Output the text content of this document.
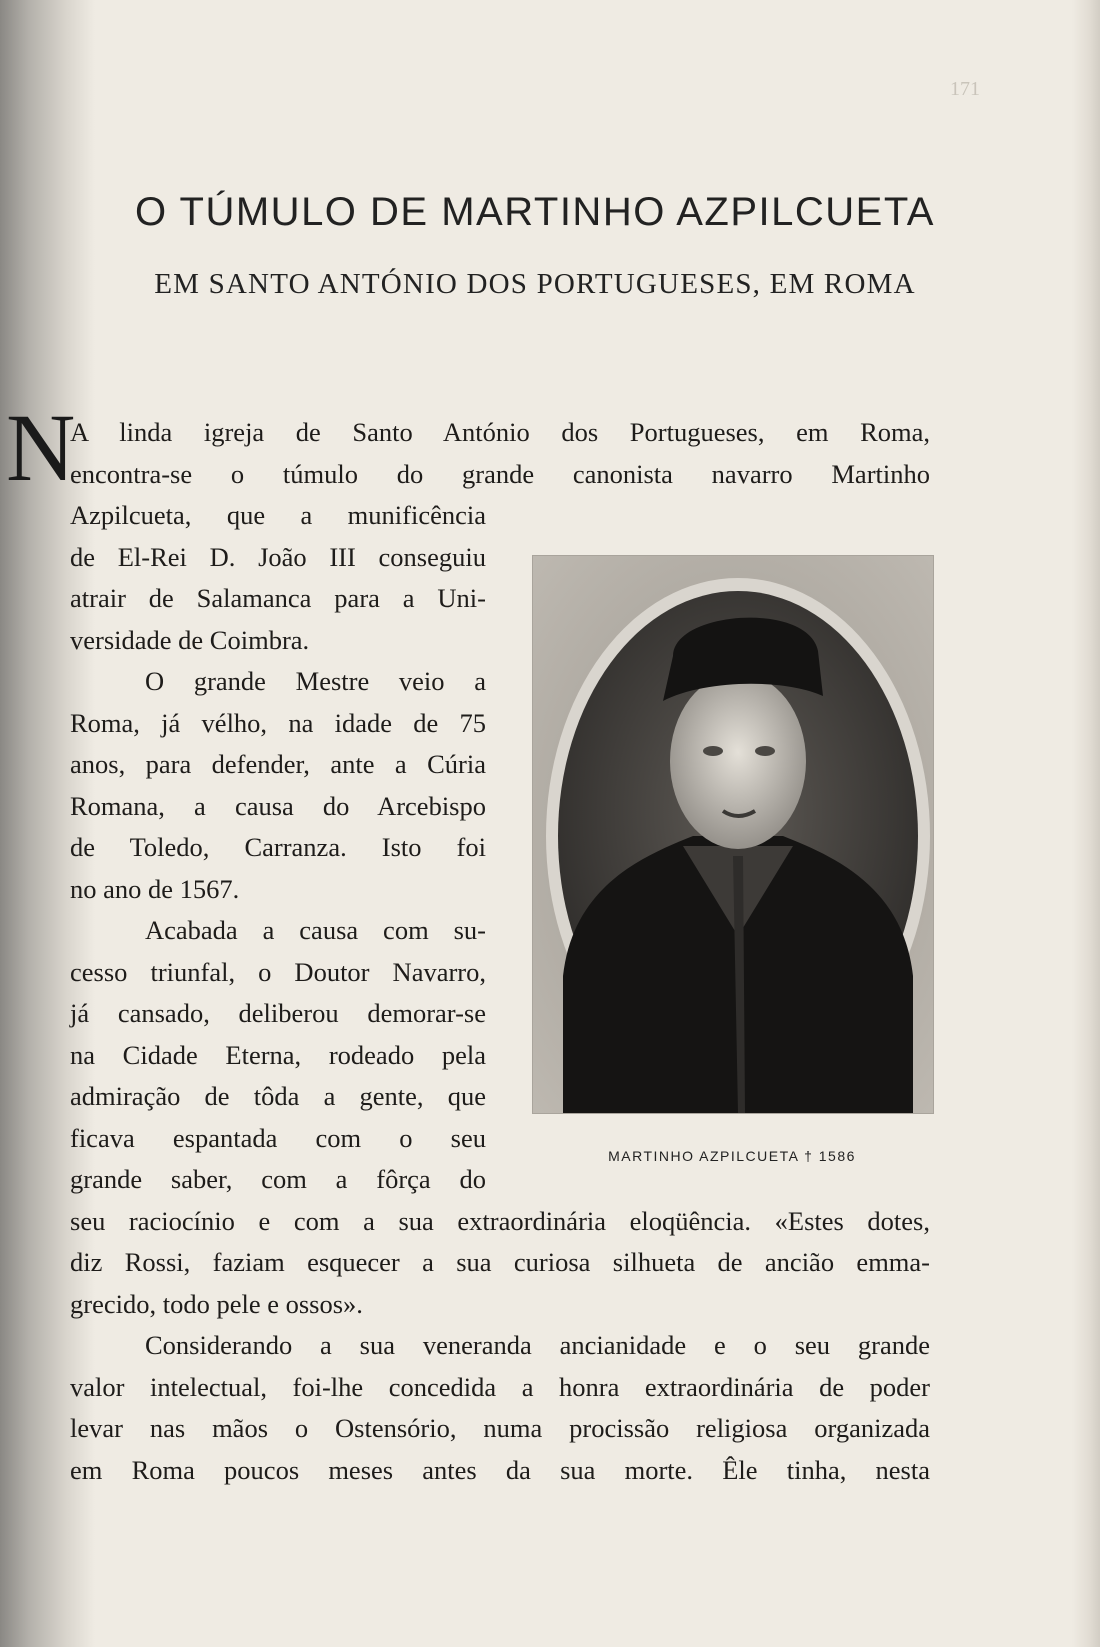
171
O TÚMULO DE MARTINHO AZPILCUETA
EM SANTO ANTÓNIO DOS PORTUGUESES, EM ROMA
N
A linda igreja de Santo António dos Portugueses, em Roma,
encontra-se o túmulo do grande canonista navarro Martinho
Azpilcueta, que a munificência
de El-Rei D. João III conseguiu
atrair de Salamanca para a Uni-
versidade de Coimbra.
O grande Mestre veio a
Roma, já vélho, na idade de 75
anos, para defender, ante a Cúria
Romana, a causa do Arcebispo
de Toledo, Carranza. Isto foi
no ano de 1567.
Acabada a causa com su-
cesso triunfal, o Doutor Navarro,
já cansado, deliberou demorar-se
na Cidade Eterna, rodeado pela
admiração de tôda a gente, que
ficava espantada com o seu
grande saber, com a fôrça do
seu raciocínio e com a sua extraordinária eloqüência. «Estes dotes,
diz Rossi, faziam esquecer a sua curiosa silhueta de ancião emma-
grecido, todo pele e ossos».
Considerando a sua veneranda ancianidade e o seu grande
valor intelectual, foi-lhe concedida a honra extraordinária de poder
levar nas mãos o Ostensório, numa procissão religiosa organizada
em Roma poucos meses antes da sua morte. Êle tinha, nesta
MARTINHO AZPILCUETA † 1586
